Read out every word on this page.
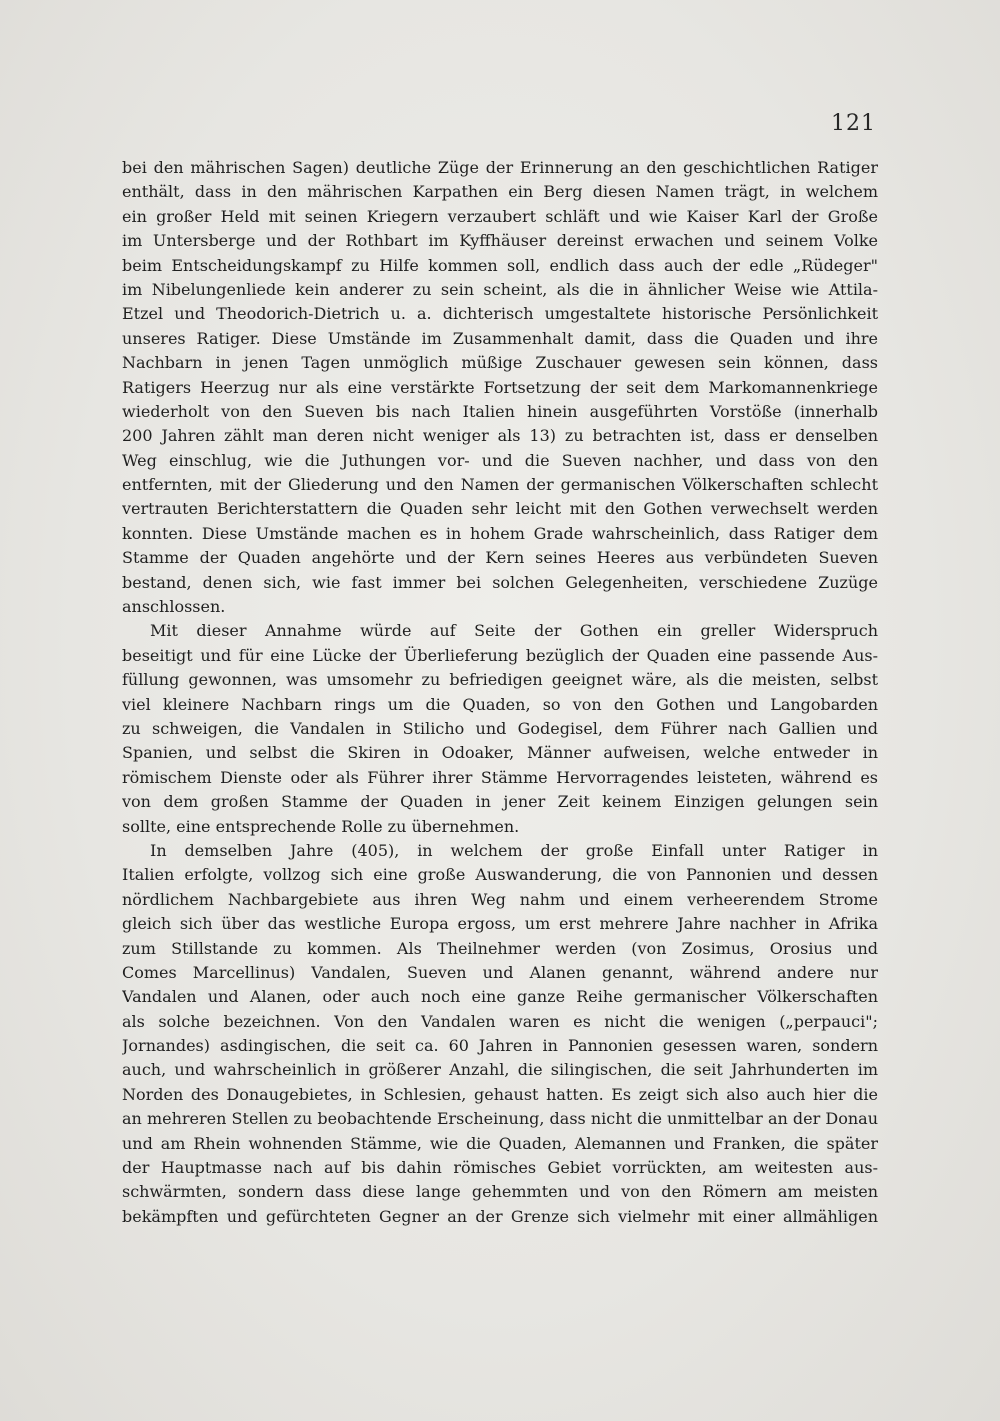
121
bei den mährischen Sagen) deutliche Züge der Erinnerung an den geschichtlichen Ratiger
enthält, dass in den mährischen Karpathen ein Berg diesen Namen trägt, in welchem
ein großer Held mit seinen Kriegern verzaubert schläft und wie Kaiser Karl der Große
im Untersberge und der Rothbart im Kyffhäuser dereinst erwachen und seinem Volke
beim Entscheidungskampf zu Hilfe kommen soll, endlich dass auch der edle „Rüdeger"
im Nibelungenliede kein anderer zu sein scheint, als die in ähnlicher Weise wie Attila-
Etzel und Theodorich-Dietrich u. a. dichterisch umgestaltete historische Persönlichkeit
unseres Ratiger. Diese Umstände im Zusammenhalt damit, dass die Quaden und ihre
Nachbarn in jenen Tagen unmöglich müßige Zuschauer gewesen sein können, dass
Ratigers Heerzug nur als eine verstärkte Fortsetzung der seit dem Markomannenkriege
wiederholt von den Sueven bis nach Italien hinein ausgeführten Vorstöße (innerhalb
200 Jahren zählt man deren nicht weniger als 13) zu betrachten ist, dass er denselben
Weg einschlug, wie die Juthungen vor- und die Sueven nachher, und dass von den
entfernten, mit der Gliederung und den Namen der germanischen Völkerschaften schlecht
vertrauten Berichterstattern die Quaden sehr leicht mit den Gothen verwechselt werden
konnten. Diese Umstände machen es in hohem Grade wahrscheinlich, dass Ratiger dem
Stamme der Quaden angehörte und der Kern seines Heeres aus verbündeten Sueven
bestand, denen sich, wie fast immer bei solchen Gelegenheiten, verschiedene Zuzüge
anschlossen.
Mit dieser Annahme würde auf Seite der Gothen ein greller Widerspruch
beseitigt und für eine Lücke der Überlieferung bezüglich der Quaden eine passende Aus-
füllung gewonnen, was umsomehr zu befriedigen geeignet wäre, als die meisten, selbst
viel kleinere Nachbarn rings um die Quaden, so von den Gothen und Langobarden
zu schweigen, die Vandalen in Stilicho und Godegisel, dem Führer nach Gallien und
Spanien, und selbst die Skiren in Odoaker, Männer aufweisen, welche entweder in
römischem Dienste oder als Führer ihrer Stämme Hervorragendes leisteten, während es
von dem großen Stamme der Quaden in jener Zeit keinem Einzigen gelungen sein
sollte, eine entsprechende Rolle zu übernehmen.
In demselben Jahre (405), in welchem der große Einfall unter Ratiger in
Italien erfolgte, vollzog sich eine große Auswanderung, die von Pannonien und dessen
nördlichem Nachbargebiete aus ihren Weg nahm und einem verheerendem Strome
gleich sich über das westliche Europa ergoss, um erst mehrere Jahre nachher in Afrika
zum Stillstande zu kommen. Als Theilnehmer werden (von Zosimus, Orosius und
Comes Marcellinus) Vandalen, Sueven und Alanen genannt, während andere nur
Vandalen und Alanen, oder auch noch eine ganze Reihe germanischer Völkerschaften
als solche bezeichnen. Von den Vandalen waren es nicht die wenigen („perpauci";
Jornandes) asdingischen, die seit ca. 60 Jahren in Pannonien gesessen waren, sondern
auch, und wahrscheinlich in größerer Anzahl, die silingischen, die seit Jahrhunderten im
Norden des Donaugebietes, in Schlesien, gehaust hatten. Es zeigt sich also auch hier die
an mehreren Stellen zu beobachtende Erscheinung, dass nicht die unmittelbar an der Donau
und am Rhein wohnenden Stämme, wie die Quaden, Alemannen und Franken, die später
der Hauptmasse nach auf bis dahin römisches Gebiet vorrückten, am weitesten aus-
schwärmten, sondern dass diese lange gehemmten und von den Römern am meisten
bekämpften und gefürchteten Gegner an der Grenze sich vielmehr mit einer allmähligen
